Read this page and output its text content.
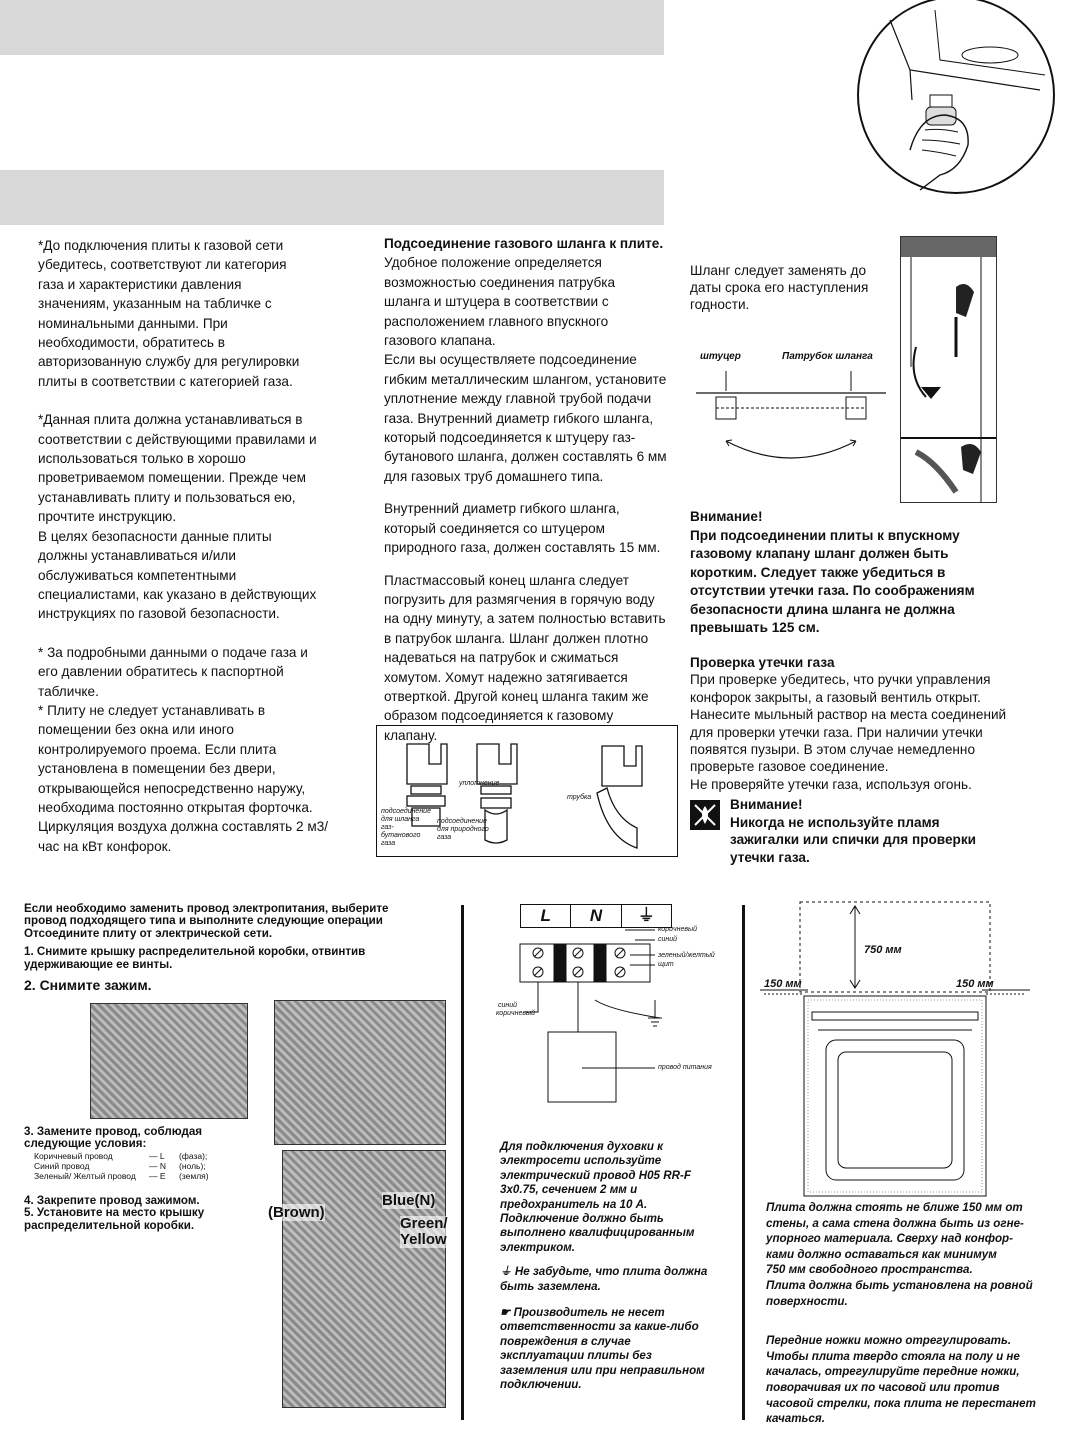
*До подключения плиты к газовой сети
убедитесь, соответствуют ли категория
газа и характеристики давления
значениям, указанным на табличке с
номинальными данными. При
необходимости, обратитесь в
авторизованную службу для регулировки
плиты в соответствии с категорией газа.

*Данная плита должна устанавливаться в
соответствии с действующими правилами и
использоваться только в хорошо
проветриваемом помещении. Прежде чем
устанавливать плиту и пользоваться ею,
прочтите инструкцию.
В целях безопасности данные плиты
должны устанавливаться и/или
обслуживаться компетентными
специалистами, как указано в действующих
инструкциях по газовой безопасности.

* За подробными данными о подаче газа и
его давлении обратитесь к паспортной
табличке.
* Плиту не следует устанавливать в
помещении без окна или иного
контролируемого проема. Если плита
установлена в помещении без двери,
открывающейся непосредственно наружу,
необходима постоянно открытая форточка.
Циркуляция воздуха должна составлять 2 м3/
час на кВт конфорок.

Подсоединение газового шланга к плите.

Удобное положение определяется
возможностью соединения патрубка
шланга и штуцера в соответствии с
расположением главного впускного
газового клапана.
Если вы осуществляете подсоединение
гибким металлическим шлангом, установите
уплотнение между главной трубой подачи
газа. Внутренний диаметр гибкого шланга,
который подсоединяется к штуцеру газ-
бутанового шланга, должен составлять 6 мм
для газовых труб домашнего типа.

Внутренний диаметр гибкого шланга,
который соединяется со штуцером
природного газа, должен составлять 15 мм.

Пластмассовый конец шланга следует
погрузить для размягчения в горячую воду
на одну минуту, а затем полностью вставить
в патрубок шланга. Шланг должен плотно
надеваться на патрубок и сжиматься
хомутом. Хомут надежно затягивается
отверткой. Другой конец шланга таким же
образом подсоединяется к газовому
клапану.

уплотнение
трубка
подсоединение для шланга газ-бутанового газа
подсоединение для природного газа
Шланг следует заменять до
даты срока его наступления
годности.
штуцер	Патрубок шланга

Внимание!

При подсоединении плиты к впускному
газовому клапану шланг должен быть
коротким. Следует также убедиться в
отсутствии утечки газа. По соображениям
безопасности длина шланга не должна
превышать 125 см.

Проверка утечки газа

При проверке убедитесь, что ручки управления
конфорок закрыты, а газовый вентиль открыт.
Нанесите мыльный раствор на места соединений
для проверки утечки газа. При наличии утечки
появятся пузыри. В этом случае немедленно
проверьте газовое соединение.
Не проверяйте утечки газа, используя огонь.

Внимание!

Никогда не используйте пламя
зажигалки или спички для проверки
утечки газа.

Если необходимо заменить провод электропитания, выберите
провод подходящего типа и выполните следующие операции
Отсоедините плиту от электрической сети.

1. Снимите крышку распределительной коробки, отвинтив
удерживающие ее винты.

2. Снимите зажим.

Blue(N)
(Brown)
Green/
Yellow

3. Замените провод, соблюдая
следующие условия:

Коричневый провод	— L (фаза);
Синий провод	— N (ноль);
Зеленый/ Желтый провод — E (земля)

4. Закрепите провод зажимом.

5. Установите на место крышку
распределительной коробки.

L	N	⏚
коричневый
синий
зеленый/желтый
щит
синий
коричневый
провод питания

Для подключения духовки к
электросети используйте
электрический провод H05 RR-F
3x0.75, сечением 2 мм и
предохранитель на 10 А.
Подключение должно быть
выполнено квалифицированным
электриком.

⏚ Не забудьте, что плита должна
быть заземлена.

☛ Производитель не несет
ответственности за какие-либо
повреждения в случае
эксплуатации плиты без
заземления или при неправильном
подключении.

750 мм
150 мм	150 мм

Плита должна стоять не ближе 150 мм от
стены, а сама стена должна быть из огне-
упорного материала. Сверху над конфор-
ками должно оставаться как минимум
750 мм свободного пространства.
Плита должна быть установлена на ровной
поверхности.

Передние ножки можно отрегулировать.
Чтобы плита твердо стояла на полу и не
качалась, отрегулируйте передние ножки,
поворачивая их по часовой или против
часовой стрелки, пока плита не перестанет
качаться.
